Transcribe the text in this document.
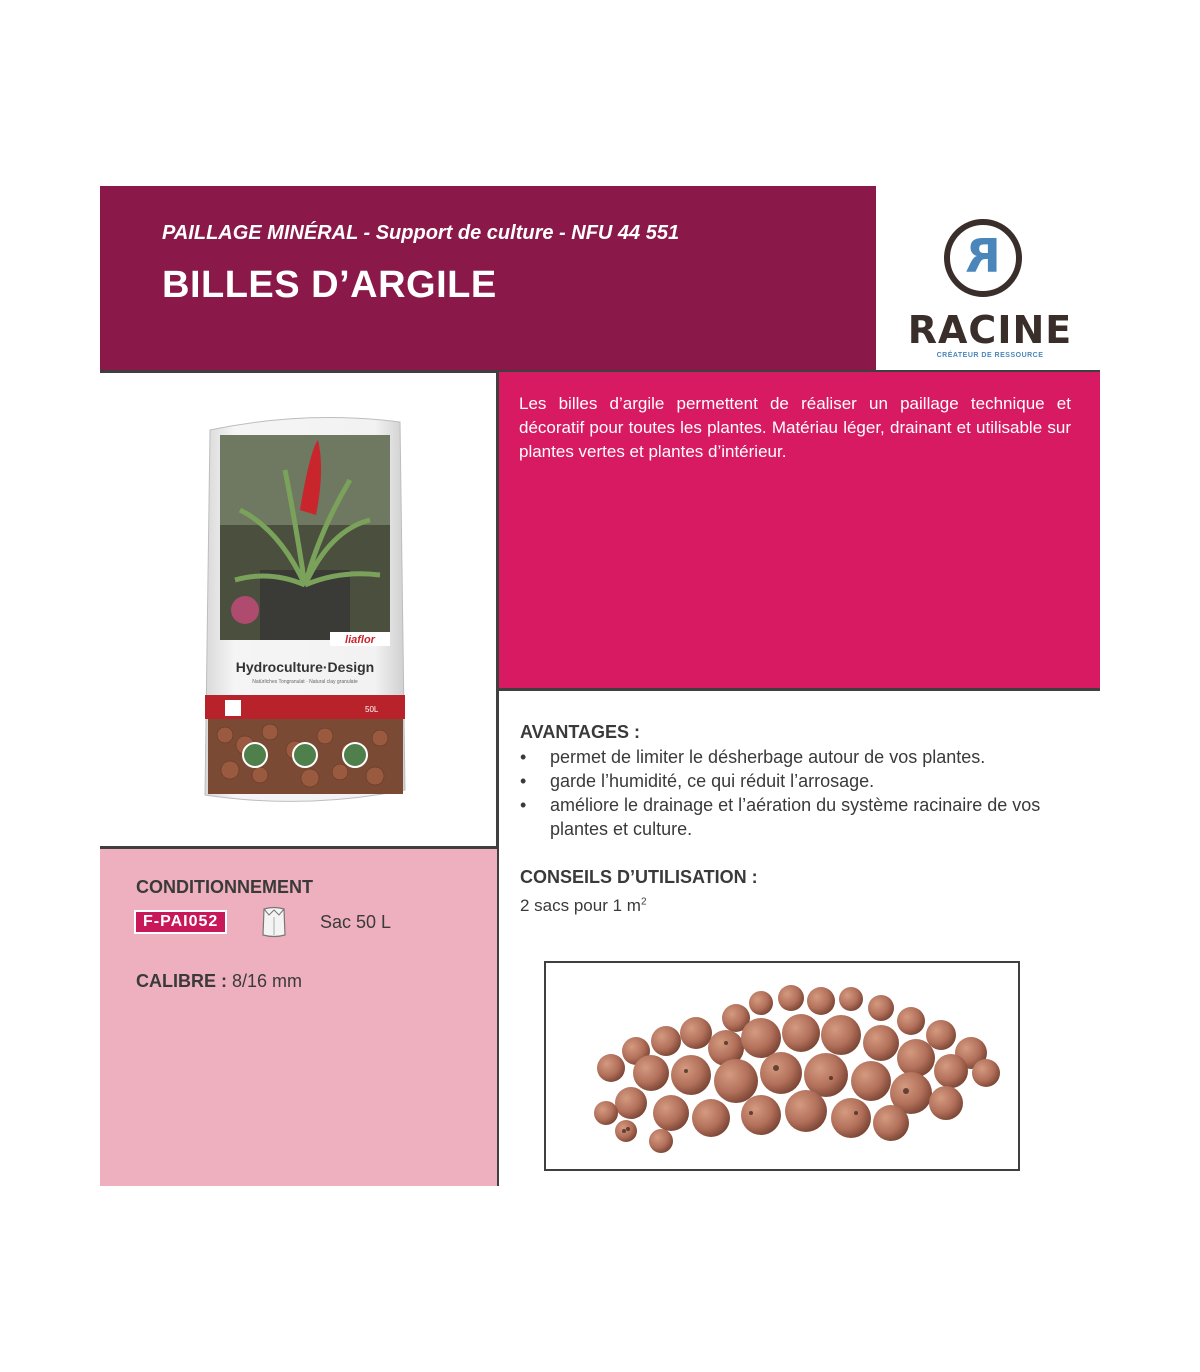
PAILLAGE MINÉRAL - Support de culture - NFU 44 551
BILLES D’ARGILE
R
RACINE
CRÉATEUR DE RESSOURCE
Les billes d’argile permettent de réaliser un paillage technique et décoratif pour toutes les plantes. Matériau léger, drainant et utilisable sur plantes vertes et plantes d’intérieur.
liaflor
Hydroculture·Design
Natürliches Tongranulat · Natural clay granulate
50L
CONDITIONNEMENT
F-PAI052	Sac 50 L
CALIBRE : 8/16 mm
AVANTAGES :
• permet de limiter le désherbage autour de vos plantes.
• garde l’humidité, ce qui réduit l’arrosage.
• améliore le drainage et l’aération du système racinaire de vos plantes et culture.
CONSEILS D’UTILISATION :
2 sacs pour 1 $m^2$
